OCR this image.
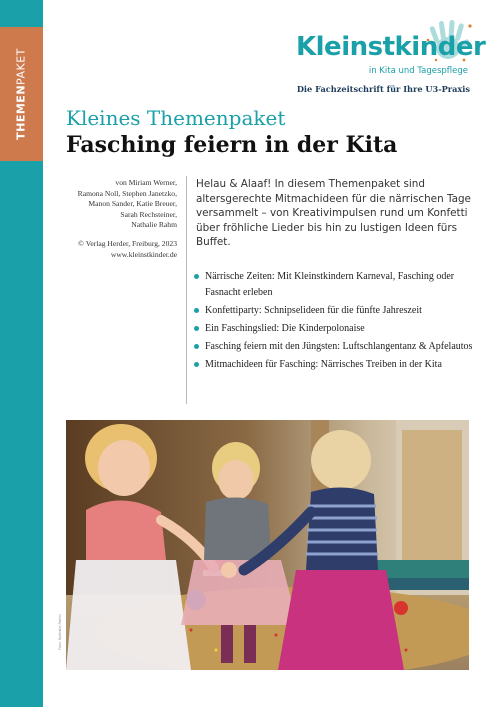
THEMENPAKET
Kleinstkinder
in Kita und Tagespflege
Die Fachzeitschrift für Ihre U3-Praxis
Kleines Themenpaket
Fasching feiern in der Kita
von Miriam Werner,
Ramona Noll, Stephen Janetzko,
Manon Sander, Katie Breuer,
Sarah Rechsteiner,
Nathalie Rahm
© Verlag Herder, Freiburg, 2023
www.kleinstkinder.de
Helau & Alaaf! In diesem Themenpaket sind altersgerechte Mitmachideen für die närrischen Tage versammelt – von Kreativimpulsen rund um Konfetti über fröhliche Lieder bis hin zu lustigen Ideen fürs Buffet.
Närrische Zeiten: Mit Kleinstkindern Karneval, Fasching oder Fasnacht erleben
Konfettiparty: Schnipselideen für die fünfte Jahreszeit
Ein Faschingslied: Die Kinderpolonaise
Fasching feiern mit den Jüngsten: Luftschlangentanz & Apfelautos
Mitmachideen für Fasching: Närrisches Treiben in der Kita
Foto: Nathalie Rahm
